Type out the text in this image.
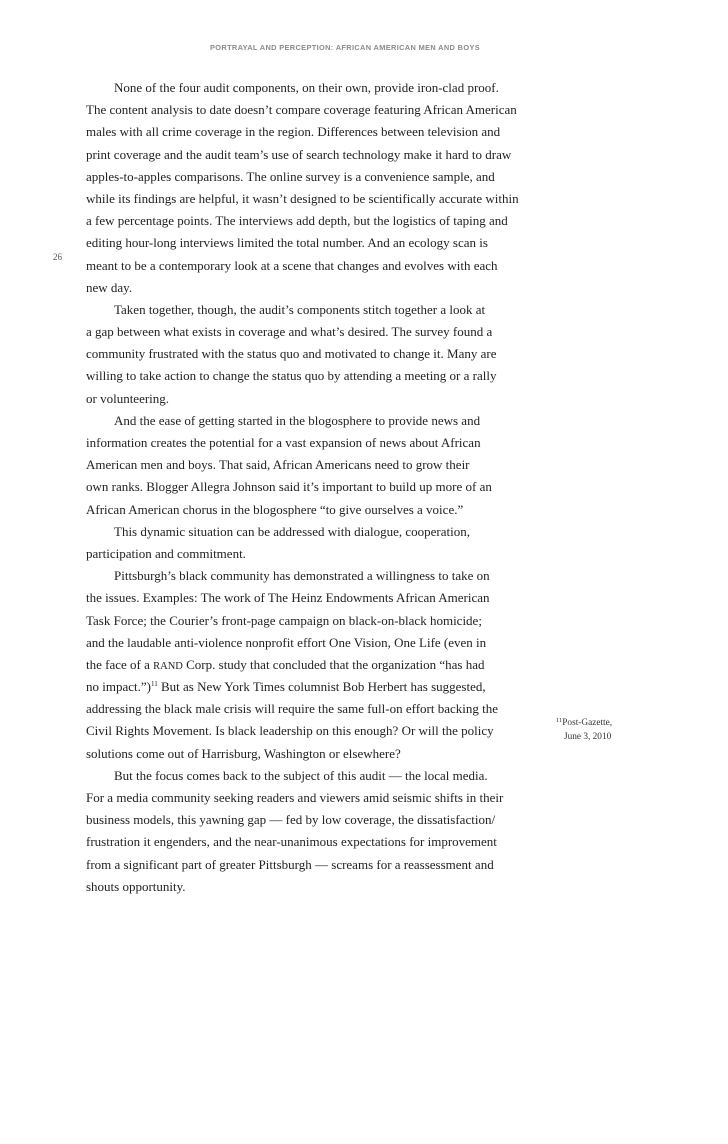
PORTRAYAL AND PERCEPTION: AFRICAN AMERICAN MEN AND BOYS
26
None of the four audit components, on their own, provide iron-clad proof.
The content analysis to date doesn’t compare coverage featuring African American
males with all crime coverage in the region. Differences between television and
print coverage and the audit team’s use of search technology make it hard to draw
apples-to-apples comparisons. The online survey is a convenience sample, and
while its findings are helpful, it wasn’t designed to be scientifically accurate within
a few percentage points. The interviews add depth, but the logistics of taping and
editing hour-long interviews limited the total number. And an ecology scan is
meant to be a contemporary look at a scene that changes and evolves with each
new day.
Taken together, though, the audit’s components stitch together a look at
a gap between what exists in coverage and what’s desired. The survey found a
community frustrated with the status quo and motivated to change it. Many are
willing to take action to change the status quo by attending a meeting or a rally
or volunteering.
And the ease of getting started in the blogosphere to provide news and
information creates the potential for a vast expansion of news about African
American men and boys. That said, African Americans need to grow their
own ranks. Blogger Allegra Johnson said it’s important to build up more of an
African American chorus in the blogosphere “to give ourselves a voice.”
This dynamic situation can be addressed with dialogue, cooperation,
participation and commitment.
Pittsburgh’s black community has demonstrated a willingness to take on
the issues. Examples: The work of The Heinz Endowments African American
Task Force; the Courier’s front-page campaign on black-on-black homicide;
and the laudable anti-violence nonprofit effort One Vision, One Life (even in
the face of a RAND Corp. study that concluded that the organization “has had
no impact.”)$^{11}$ But as New York Times columnist Bob Herbert has suggested,
addressing the black male crisis will require the same full-on effort backing the
Civil Rights Movement. Is black leadership on this enough? Or will the policy
solutions come out of Harrisburg, Washington or elsewhere?
But the focus comes back to the subject of this audit — the local media.
For a media community seeking readers and viewers amid seismic shifts in their
business models, this yawning gap — fed by low coverage, the dissatisfaction/
frustration it engenders, and the near-unanimous expectations for improvement
from a significant part of greater Pittsburgh — screams for a reassessment and
shouts opportunity.
$^{11}$Post-Gazette,
June 3, 2010
